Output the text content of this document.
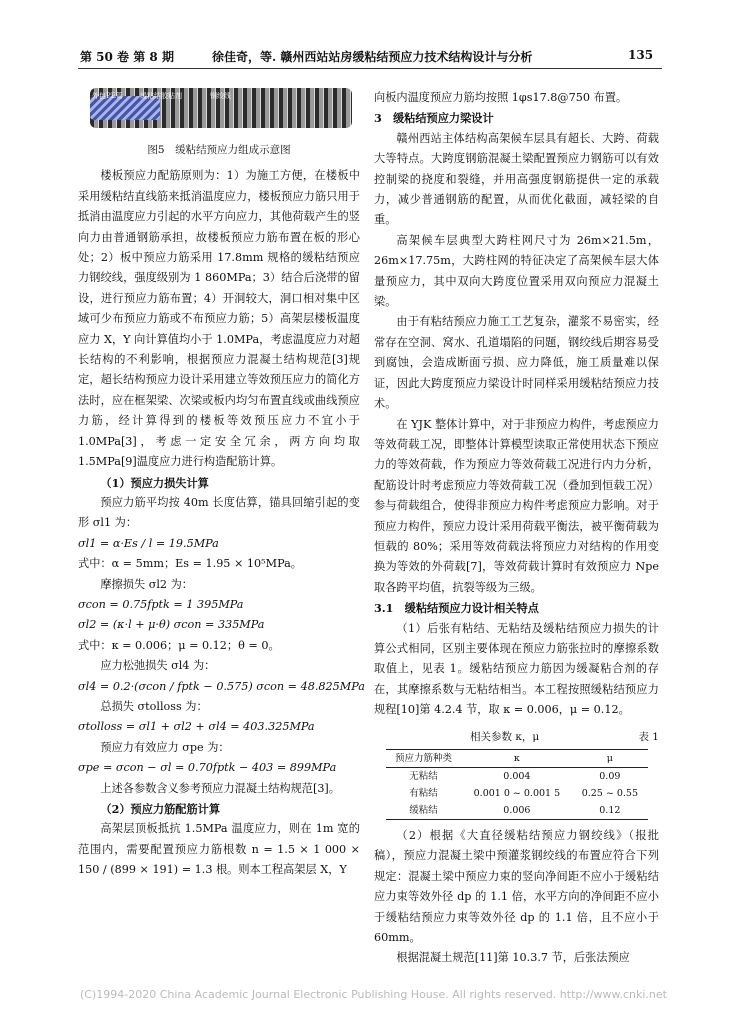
第 50 卷 第 8 期	徐佳奇，等. 赣州西站站房缓粘结预应力技术结构设计与分析	135
外包PE管 缓粘结胶粘剂	钢绞线
图5　缓粘结预应力组成示意图

楼板预应力配筋原则为：1）为施工方便，在楼板中采用缓粘结直线筋来抵消温度应力，楼板预应力筋只用于抵消由温度应力引起的水平方向应力，其他荷载产生的竖向力由普通钢筋承担，故楼板预应力筋布置在板的形心处；2）板中预应力筋采用 17.8mm 规格的缓粘结预应力钢绞线，强度级别为 1 860MPa；3）结合后浇带的留设，进行预应力筋布置；4）开洞较大，洞口相对集中区域可少布预应力筋或不布预应力筋；5）高架层楼板温度应力 X，Y 向计算值均小于 1.0MPa，考虑温度应力对超长结构的不利影响，根据预应力混凝土结构规范[3]规定，超长结构预应力设计采用建立等效预压应力的简化方法时，应在框架梁、次梁或板内均匀布置直线或曲线预应力筋，经计算得到的楼板等效预压应力不宜小于 1.0MPa[3]，考虑一定安全冗余，两方向均取 1.5MPa[9]温度应力进行构造配筋计算。

（1）预应力损失计算

预应力筋平均按 40m 长度估算，锚具回缩引起的变形 σl1 为：

σl1 = α·Es / l = 19.5MPa

式中：α = 5mm；Es = 1.95 × 10⁵MPa。

摩擦损失 σl2 为：

σcon = 0.75fptk = 1 395MPa

σl2 = (κ·l + μ·θ) σcon = 335MPa

式中：κ = 0.006；μ = 0.12；θ = 0。

应力松弛损失 σl4 为：

σl4 = 0.2·(σcon / fptk − 0.575) σcon = 48.825MPa

总损失 σtolloss 为：

σtolloss = σl1 + σl2 + σl4 = 403.325MPa

预应力有效应力 σpe 为：

σpe = σcon − σl = 0.70fptk − 403 = 899MPa

上述各参数含义参考预应力混凝土结构规范[3]。

（2）预应力筋配筋计算

高架层顶板抵抗 1.5MPa 温度应力，则在 1m 宽的范围内，需要配置预应力筋根数 n = 1.5 × 1 000 × 150 / (899 × 191) = 1.3 根。则本工程高架层 X，Y

向板内温度预应力筋均按照 1φs17.8@750 布置。

3　缓粘结预应力梁设计

赣州西站主体结构高架候车层具有超长、大跨、荷载大等特点。大跨度钢筋混凝土梁配置预应力钢筋可以有效控制梁的挠度和裂缝，并用高强度钢筋提供一定的承载力，减少普通钢筋的配置，从而优化截面，减轻梁的自重。

高架候车层典型大跨柱网尺寸为 26m×21.5m，26m×17.75m，大跨柱网的特征决定了高架候车层大体量预应力，其中双向大跨度位置采用双向预应力混凝土梁。

由于有粘结预应力施工工艺复杂，灌浆不易密实，经常存在空洞、窝水、孔道塌陷的问题，钢绞线后期容易受到腐蚀，会造成断面亏损、应力降低，施工质量难以保证，因此大跨度预应力梁设计时同样采用缓粘结预应力技术。

在 YJK 整体计算中，对于非预应力构件，考虑预应力等效荷载工况，即整体计算模型读取正常使用状态下预应力的等效荷载，作为预应力等效荷载工况进行内力分析，配筋设计时考虑预应力等效荷载工况（叠加到恒载工况）参与荷载组合，使得非预应力构件考虑预应力影响。对于预应力构件，预应力设计采用荷载平衡法，被平衡荷载为恒载的 80%；采用等效荷载法将预应力对结构的作用变换为等效的外荷载[7]，等效荷载计算时有效预应力 Npe 取各跨平均值，抗裂等级为三级。

3.1　缓粘结预应力设计相关特点

（1）后张有粘结、无粘结及缓粘结预应力损失的计算公式相同，区别主要体现在预应力筋张拉时的摩擦系数取值上，见表 1。缓粘结预应力筋因为缓凝粘合剂的存在，其摩擦系数与无粘结相当。本工程按照缓粘结预应力规程[10]第 4.2.4 节，取 κ = 0.006，μ = 0.12。

相关参数 κ，μ	表 1
预应力筋种类	κ	μ
无粘结	0.004	0.09
有粘结	0.001 0 ~ 0.001 5	0.25 ~ 0.55
缓粘结	0.006	0.12

（2）根据《大直径缓粘结预应力钢绞线》（报批稿），预应力混凝土梁中预灌浆钢绞线的布置应符合下列规定：混凝土梁中预应力束的竖向净间距不应小于缓粘结应力束等效外径 dp 的 1.1 倍，水平方向的净间距不应小于缓粘结预应力束等效外径 dp 的 1.1 倍，且不应小于 60mm。

根据混凝土规范[11]第 10.3.7 节，后张法预应

(C)1994-2020 China Academic Journal Electronic Publishing House. All rights reserved. http://www.cnki.net
